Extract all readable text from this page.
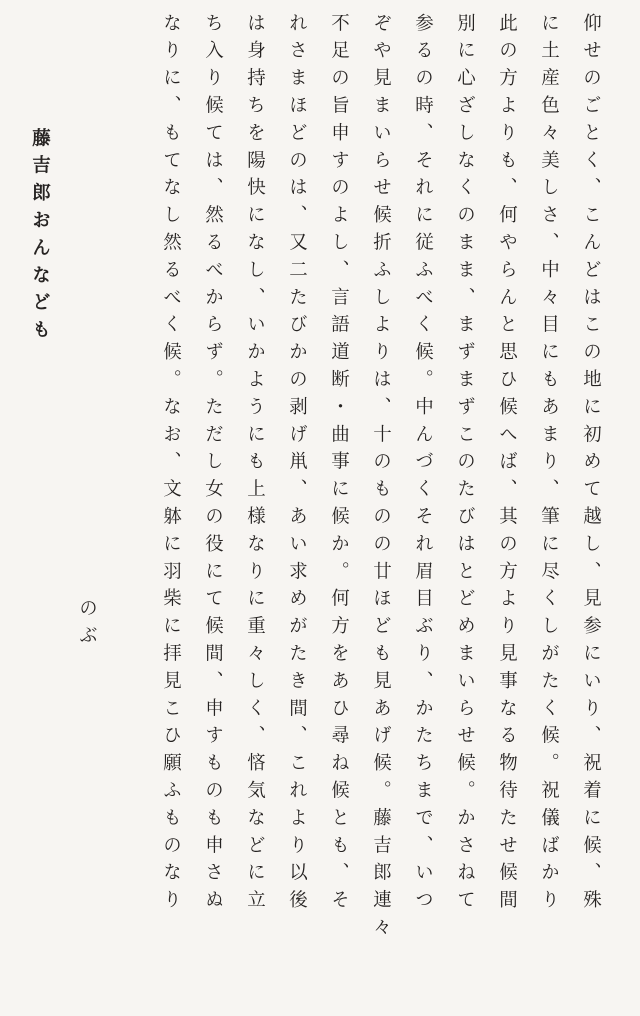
仰せのごとく、こんどはこの地に初めて越し、見参にいり、祝着に候、殊
に土産色々美しさ、中々目にもあまり、筆に尽くしがたく候。祝儀ばかり
此の方よりも、何やらんと思ひ候へば、其の方より見事なる物待たせ候間
別に心ざしなくのまま、まずまずこのたびはとどめまいらせ候。かさねて
参るの時、それに従ふべく候。中んづくそれ眉目ぶり、かたちまで、いつ
ぞや見まいらせ候折ふしよりは、十のものの廿ほども見あげ候。藤吉郎連々
不足の旨申すのよし、言語道断・曲事に候か。何方をあひ尋ね候とも、そ
れさまほどのは、又二たびかの剥げ鼡、あい求めがたき間、これより以後
は身持ちを陽快になし、いかようにも上様なりに重々しく、悋気などに立
ち入り候ては、然るべからず。ただし女の役にて候間、申すものも申さぬ
なりに、もてなし然るべく候。なお、文躰に羽柴に拝見こひ願ふものなり
のぶ
藤吉郎おんなども
